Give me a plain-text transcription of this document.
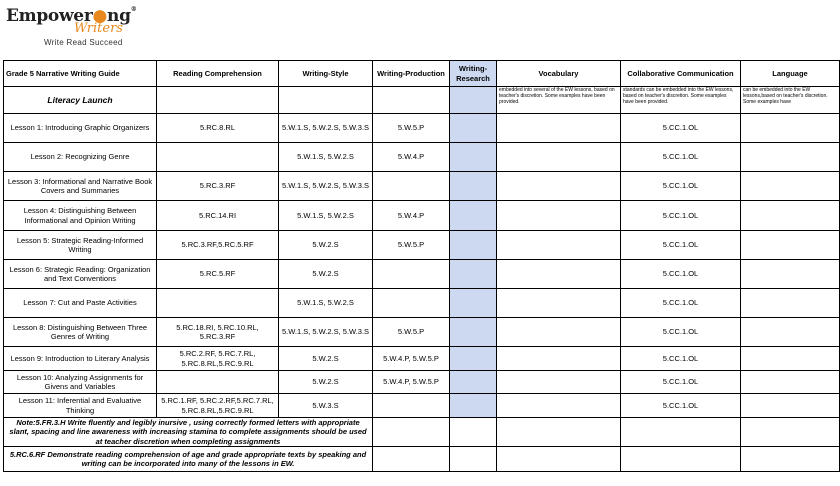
Empower●ng®
Writers
Write Read Succeed
Grade 5 Narrative Writing Guide	Reading Comprehension	Writing-Style	Writing-Production	Writing-Research	Vocabulary	Collaborative Communication	Language
Literacy Launch					embedded into several of the EW lessons, based on teacher's discretion. Some examples have been provided.	standards can be embedded into the EW lessons, based on teacher's discretion. Some examples have been provided.	can be embedded into the EW lessons,based on teacher's discretion. Some examples have
Lesson 1: Introducing Graphic Organizers	5.RC.8.RL	5.W.1.S, 5.W.2.S, 5.W.3.S	5.W.5.P			5.CC.1.OL	
Lesson 2: Recognizing Genre		5.W.1.S, 5.W.2.S	5.W.4.P			5.CC.1.OL	
Lesson 3: Informational and Narrative Book Covers and Summaries	5.RC.3.RF	5.W.1.S, 5.W.2.S, 5.W.3.S				5.CC.1.OL	
Lesson 4: Distinguishing Between Informational and Opinion Writing	5.RC.14.RI	5.W.1.S, 5.W.2.S	5.W.4.P			5.CC.1.OL	
Lesson 5: Strategic Reading-Informed Writing	5.RC.3.RF,5.RC.5.RF	5.W.2.S	5.W.5.P			5.CC.1.OL	
Lesson 6: Strategic Reading: Organization and Text Conventions	5.RC.5.RF	5.W.2.S				5.CC.1.OL	
Lesson 7: Cut and Paste Activities		5.W.1.S, 5.W.2.S				5.CC.1.OL	
Lesson 8: Distinguishing Between Three Genres of Writing	5.RC.18.RI, 5.RC.10.RL, 5.RC.3.RF	5.W.1.S, 5.W.2.S, 5.W.3.S	5.W.5.P			5.CC.1.OL	
Lesson 9: Introduction to Literary Analysis	5.RC.2.RF, 5.RC.7.RL, 5.RC.8.RL,5.RC.9.RL	5.W.2.S	5.W.4.P, 5.W.5.P			5.CC.1.OL	
Lesson 10: Analyzing Assignments for Givens and Variables		5.W.2.S	5.W.4.P, 5.W.5.P			5.CC.1.OL	
Lesson 11: Inferential and Evaluative Thinking	5.RC.1.RF, 5.RC.2.RF,5.RC.7.RL, 5.RC.8.RL,5.RC.9.RL	5.W.3.S				5.CC.1.OL	
Note:5.FR.3.H Write fluently and legibly inursive , using correctly formed letters with appropriate slant, spacing and line awareness with increasing stamina to complete assignments should be used at teacher discretion when completing assignments							
5.RC.6.RF Demonstrate reading comprehension of age and grade appropriate texts by speaking and writing can be incorporated into many of the lessons in EW.							
